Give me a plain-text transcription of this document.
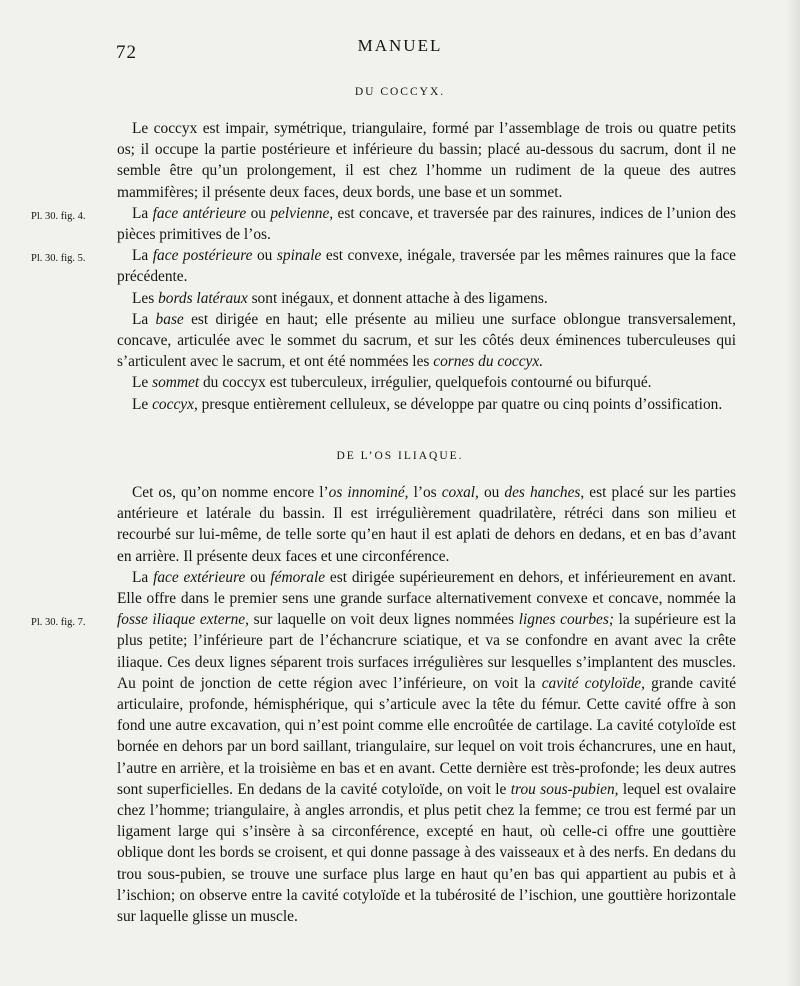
72	MANUEL
DU COCCYX.

Le coccyx est impair, symétrique, triangulaire, formé par l’assemblage de trois ou quatre petits os; il occupe la partie postérieure et inférieure du bassin; placé au-dessous du sacrum, dont il ne semble être qu’un prolongement, il est chez l’homme un rudiment de la queue des autres mammifères; il présente deux faces, deux bords, une base et un sommet.

Pl. 30. fig. 4.	La face antérieure ou pelvienne, est concave, et traversée par des rainures, indices de l’union des pièces primitives de l’os.

Pl. 30. fig. 5.	La face postérieure ou spinale est convexe, inégale, traversée par les mêmes rainures que la face précédente.

Les bords latéraux sont inégaux, et donnent attache à des ligamens.

La base est dirigée en haut; elle présente au milieu une surface oblongue transversalement, concave, articulée avec le sommet du sacrum, et sur les côtés deux éminences tuberculeuses qui s’articulent avec le sacrum, et ont été nommées les cornes du coccyx.

Le sommet du coccyx est tuberculeux, irrégulier, quelquefois contourné ou bifurqué.

Le coccyx, presque entièrement celluleux, se développe par quatre ou cinq points d’ossification.

DE L’OS ILIAQUE.

Cet os, qu’on nomme encore l’os innominé, l’os coxal, ou des hanches, est placé sur les parties antérieure et latérale du bassin. Il est irrégulièrement quadrilatère, rétréci dans son milieu et recourbé sur lui-même, de telle sorte qu’en haut il est aplati de dehors en dedans, et en bas d’avant en arrière. Il présente deux faces et une circonférence.

Pl. 30. fig. 7.
La face extérieure ou fémorale est dirigée supérieurement en dehors, et inférieurement en avant. Elle offre dans le premier sens une grande surface alternativement convexe et concave, nommée la fosse iliaque externe, sur laquelle on voit deux lignes nommées lignes courbes; la supérieure est la plus petite; l’inférieure part de l’échancrure sciatique, et va se confondre en avant avec la crête iliaque. Ces deux lignes séparent trois surfaces irrégulières sur lesquelles s’implantent des muscles. Au point de jonction de cette région avec l’inférieure, on voit la cavité cotyloïde, grande cavité articulaire, profonde, hémisphérique, qui s’articule avec la tête du fémur. Cette cavité offre à son fond une autre excavation, qui n’est point comme elle encroûtée de cartilage. La cavité cotyloïde est bornée en dehors par un bord saillant, triangulaire, sur lequel on voit trois échancrures, une en haut, l’autre en arrière, et la troisième en bas et en avant. Cette dernière est très-profonde; les deux autres sont superficielles. En dedans de la cavité cotyloïde, on voit le trou sous-pubien, lequel est ovalaire chez l’homme; triangulaire, à angles arrondis, et plus petit chez la femme; ce trou est fermé par un ligament large qui s’insère à sa circonférence, excepté en haut, où celle-ci offre une gouttière oblique dont les bords se croisent, et qui donne passage à des vaisseaux et à des nerfs. En dedans du trou sous-pubien, se trouve une surface plus large en haut qu’en bas qui appartient au pubis et à l’ischion; on observe entre la cavité cotyloïde et la tubérosité de l’ischion, une gouttière horizontale sur laquelle glisse un muscle.
